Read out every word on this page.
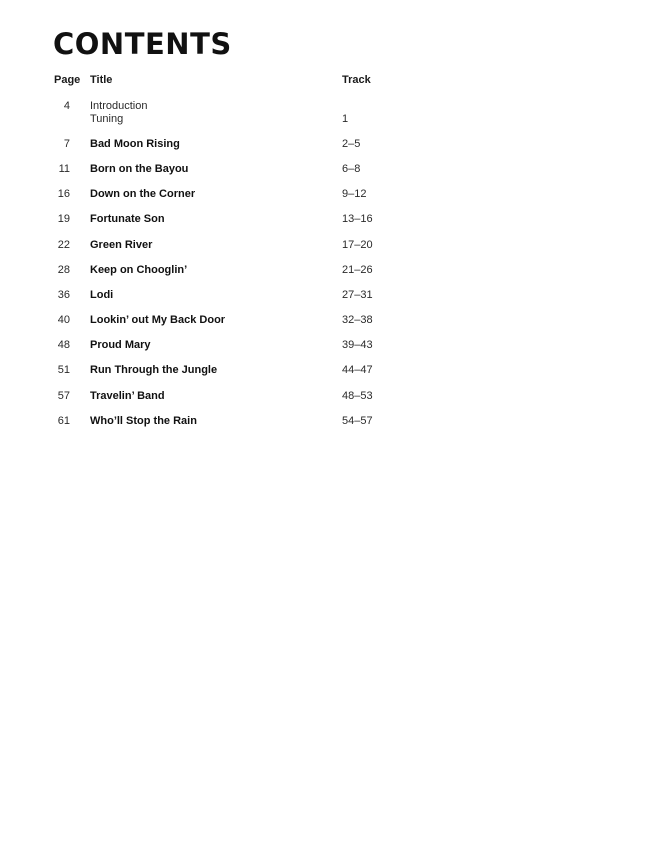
CONTENTS
Page Title	Track
4 Introduction
Tuning	1
7 Bad Moon Rising	2–5
11 Born on the Bayou	6–8
16 Down on the Corner	9–12
19 Fortunate Son	13–16
22 Green River	17–20
28 Keep on Chooglin’	21–26
36 Lodi	27–31
40 Lookin’ out My Back Door	32–38
48 Proud Mary	39–43
51 Run Through the Jungle	44–47
57 Travelin’ Band	48–53
61 Who’ll Stop the Rain	54–57
